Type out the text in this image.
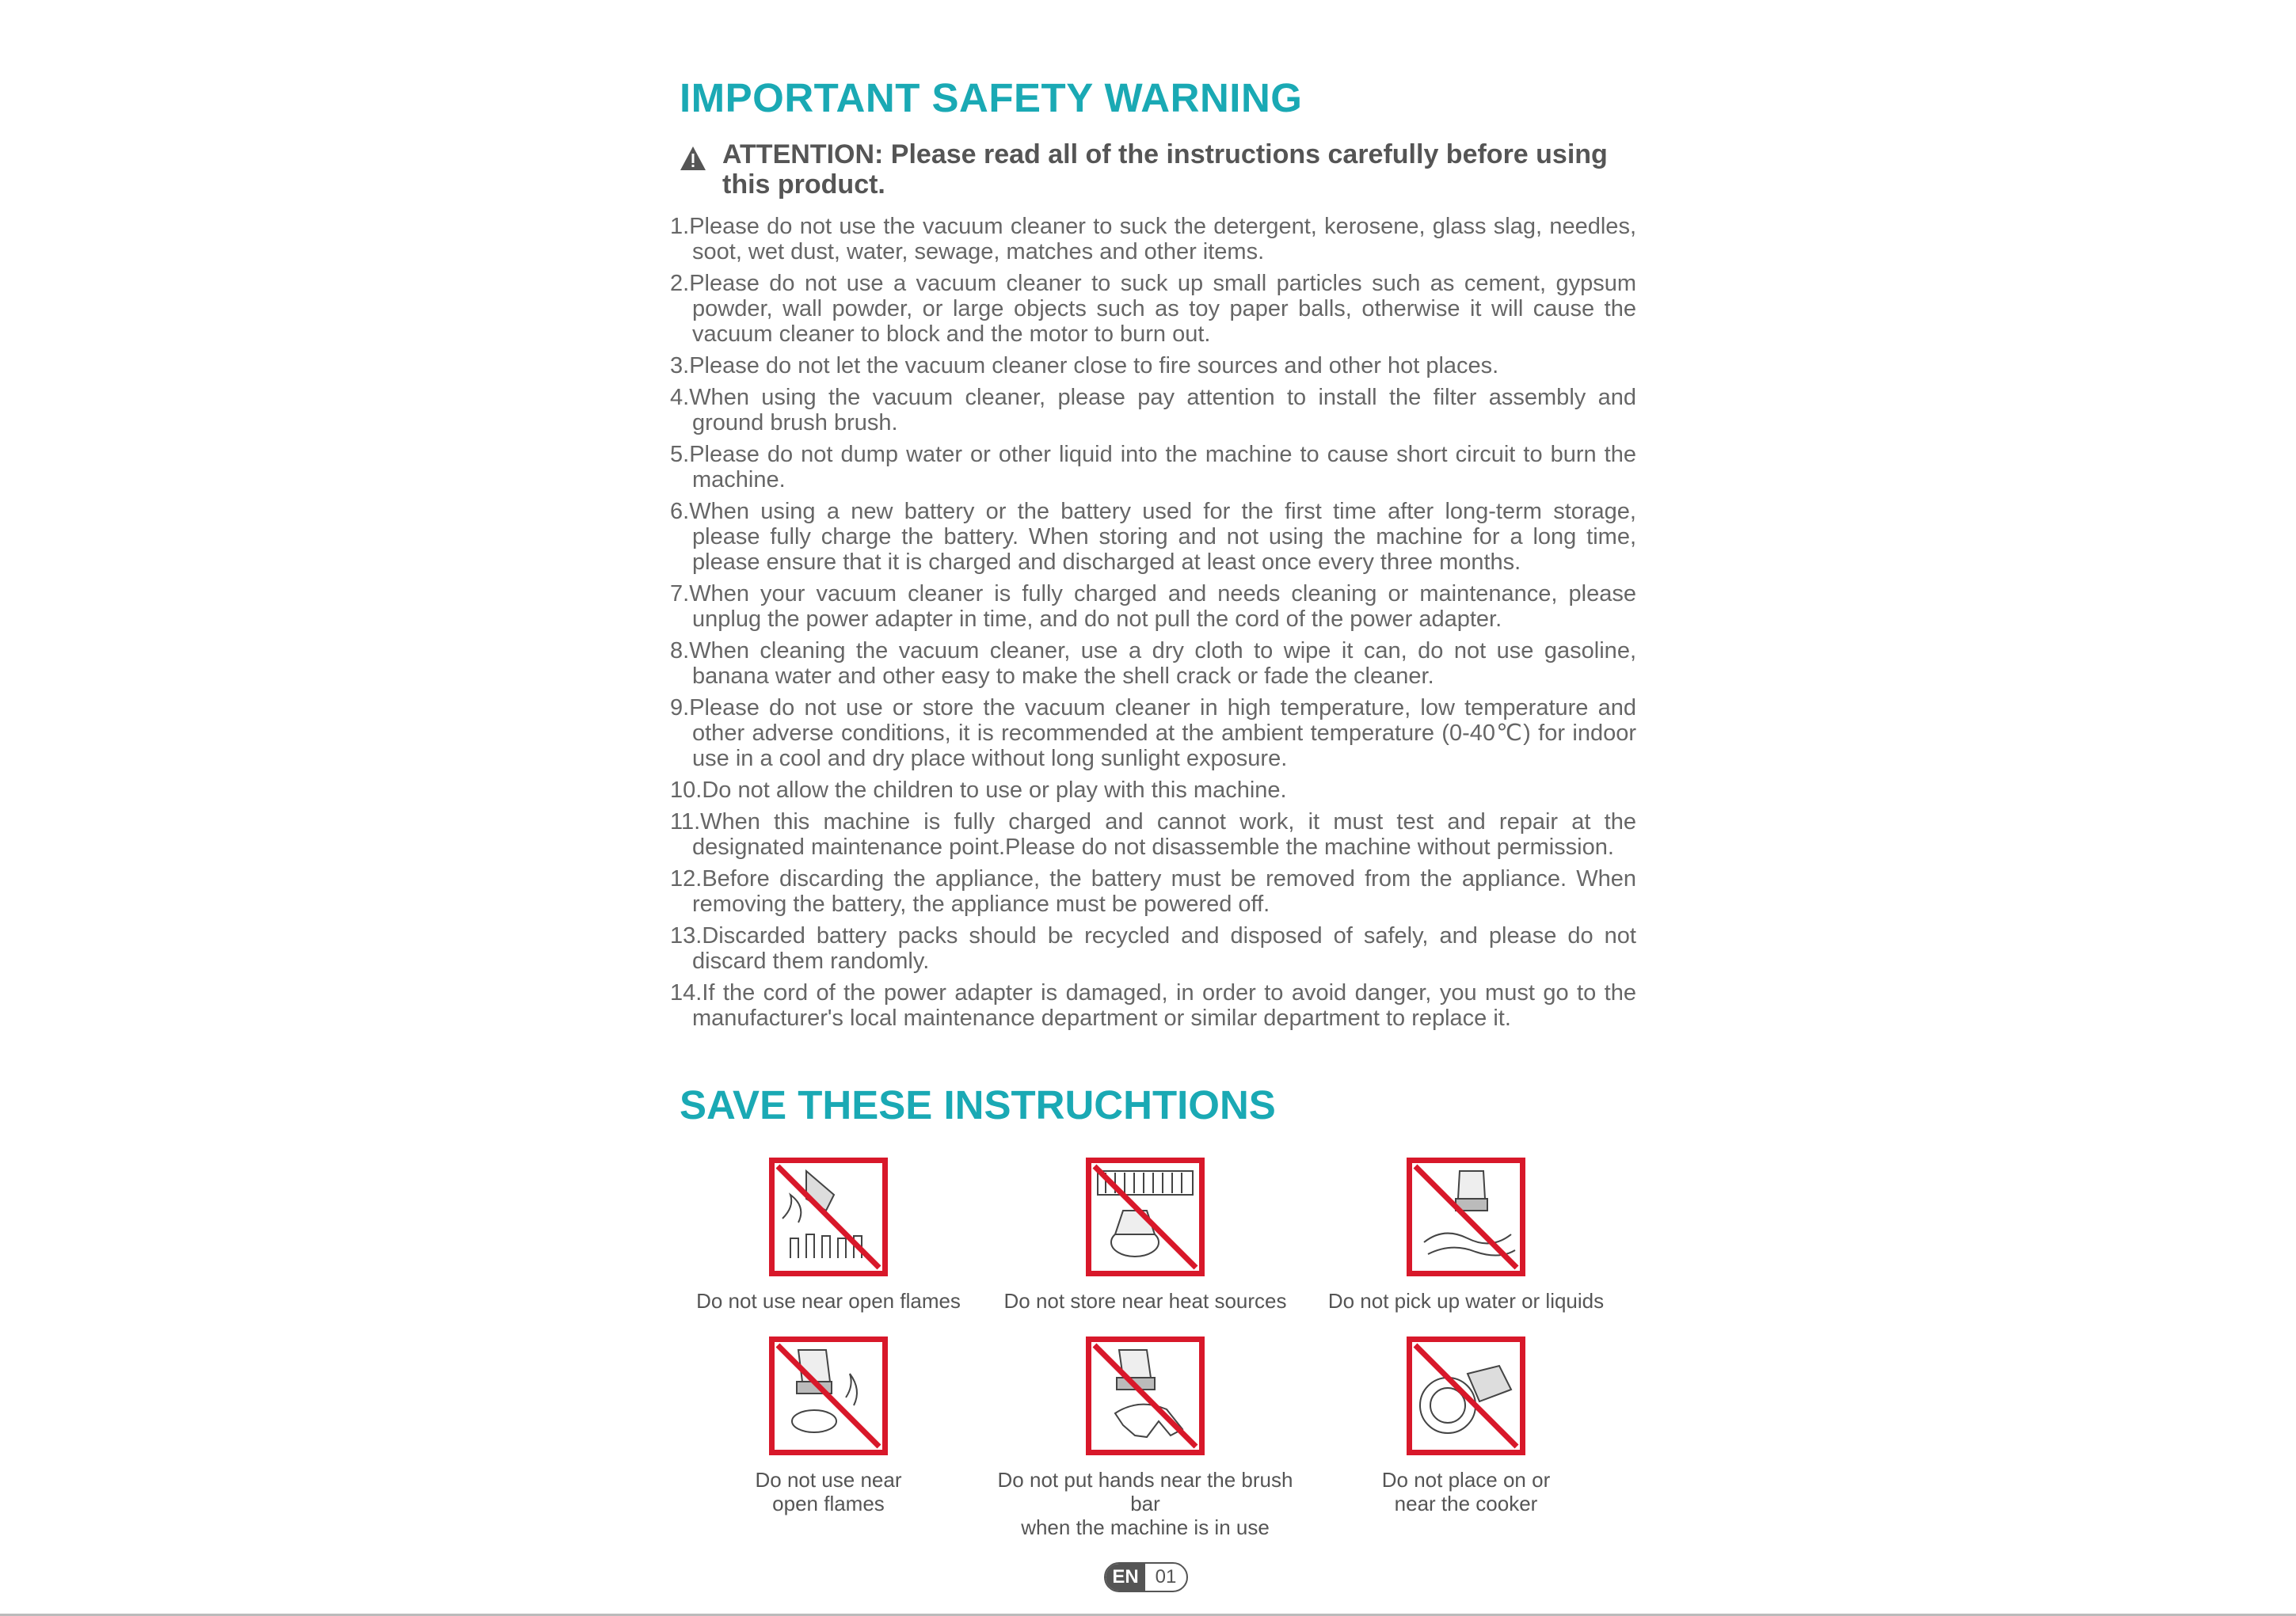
IMPORTANT SAFETY WARNING
ATTENTION: Please read all of the instructions carefully before using this product.
1.Please do not use the vacuum cleaner to suck the detergent, kerosene, glass slag, needles, soot, wet dust, water, sewage, matches and other items.
2.Please do not use a vacuum cleaner to suck up small particles such as cement, gypsum powder, wall powder, or large objects such as toy paper balls, otherwise it will cause the vacuum cleaner to block and the motor to burn out.
3.Please do not let the vacuum cleaner close to fire sources and other hot places.
4.When using the vacuum cleaner, please pay attention to install the filter assembly and ground brush brush.
5.Please do not dump water or other liquid into the machine to cause short circuit to burn the machine.
6.When using a new battery or the battery used for the first time after long-term storage, please fully charge the battery. When storing and not using the machine for a long time, please ensure that it is charged and discharged at least once every three months.
7.When your vacuum cleaner is fully charged and needs cleaning or maintenance, please unplug the power adapter in time, and do not pull the cord of the power adapter.
8.When cleaning the vacuum cleaner, use a dry cloth to wipe it can, do not use gasoline, banana water and other easy to make the shell crack or fade the cleaner.
9.Please do not use or store the vacuum cleaner in high temperature, low temperature and other adverse conditions, it is recommended at the ambient temperature (0-40℃) for indoor use in a cool and dry place without long sunlight exposure.
10.Do not allow the children to use or play with this machine.
11.When this machine is fully charged and cannot work, it must test and repair at the designated maintenance point.Please do not disassemble the machine without permission.
12.Before discarding the appliance, the battery must be removed from the appliance. When removing the battery, the appliance must be powered off.
13.Discarded battery packs should be recycled and disposed of safely, and please do not discard them randomly.
14.If the cord of the power adapter is damaged, in order to avoid danger, you must go to the manufacturer's local maintenance department or similar department to replace it.
SAVE THESE INSTRUCHTIONS
Do not use near open flames Do not store near heat sources Do not pick up water or liquids
Do not use near
open flames
Do not put hands near the brush bar
when the machine is in use
Do not place on or
near the cooker
EN 01
